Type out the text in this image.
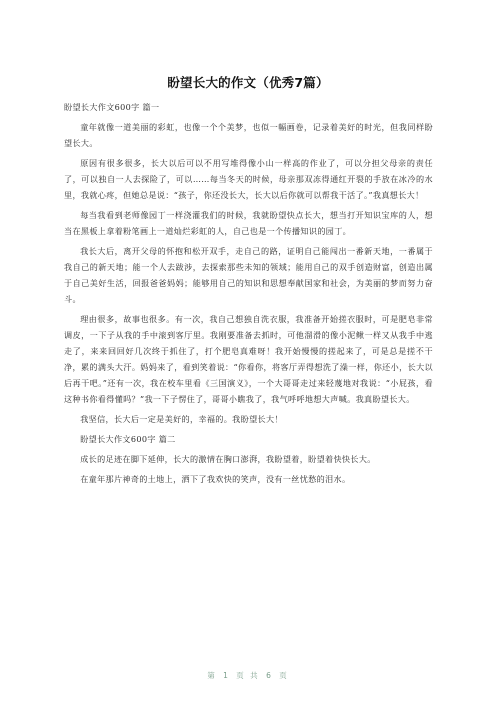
盼望长大的作文（优秀7篇）

盼望长大作文600字 篇一

童年就像一道美丽的彩虹，也像一个个美梦，也似一幅画卷，记录着美好的时光，但我同样盼望长大。

原因有很多很多，长大以后可以不用写堆得像小山一样高的作业了，可以分担父母亲的责任了，可以独自一人去探险了，可以……每当冬天的时候，母亲那双冻得通红开裂的手放在冰冷的水里，我就心疼，但她总是说：“孩子，你还没长大，长大以后你就可以帮我干活了。”我真想长大！

每当我看到老师像园丁一样浇灌我们的时候，我就盼望快点长大，想当打开知识宝库的人，想当在黑板上拿着粉笔画上一道灿烂彩虹的人，自己也是一个传播知识的园丁。

我长大后，离开父母的怀抱和松开双手，走自己的路，证明自己能闯出一番新天地，一番属于我自己的新天地；能一个人去跋涉，去探索那些未知的领域；能用自己的双手创造财富，创造出属于自己美好生活，回报爸爸妈妈；能够用自己的知识和思想奉献国家和社会，为美丽的梦而努力奋斗。

理由很多，故事也很多。有一次，我自己想独自洗衣服，我准备开始搓衣服时，可是肥皂非常调皮，一下子从我的手中滚到客厅里。我刚要准备去抓时，可他溜滑的像小泥鳅一样又从我手中逃走了，来来回回好几次终于抓住了，打个肥皂真难呀！我开始慢慢的搓起来了，可是总是搓不干净，累的满头大汗。妈妈来了，看到笑着说：“你看你，将客厅弄得想洗了澡一样，你还小，长大以后再干吧。”还有一次，我在校车里看《三国演义》，一个大哥哥走过来轻蔑地对我说：“小屁孩，看这种书你看得懂吗？”我一下子愣住了，哥哥小瞧我了，我气呼呼地想大声喊。我真盼望长大。

我坚信，长大后一定是美好的，幸福的。我盼望长大！

盼望长大作文600字 篇二

成长的足迹在脚下延伸，长大的激情在胸口澎湃，我盼望着，盼望着快快长大。

在童年那片神奇的土地上，洒下了我欢快的笑声，没有一丝忧愁的泪水。

第 1 页 共 6 页
